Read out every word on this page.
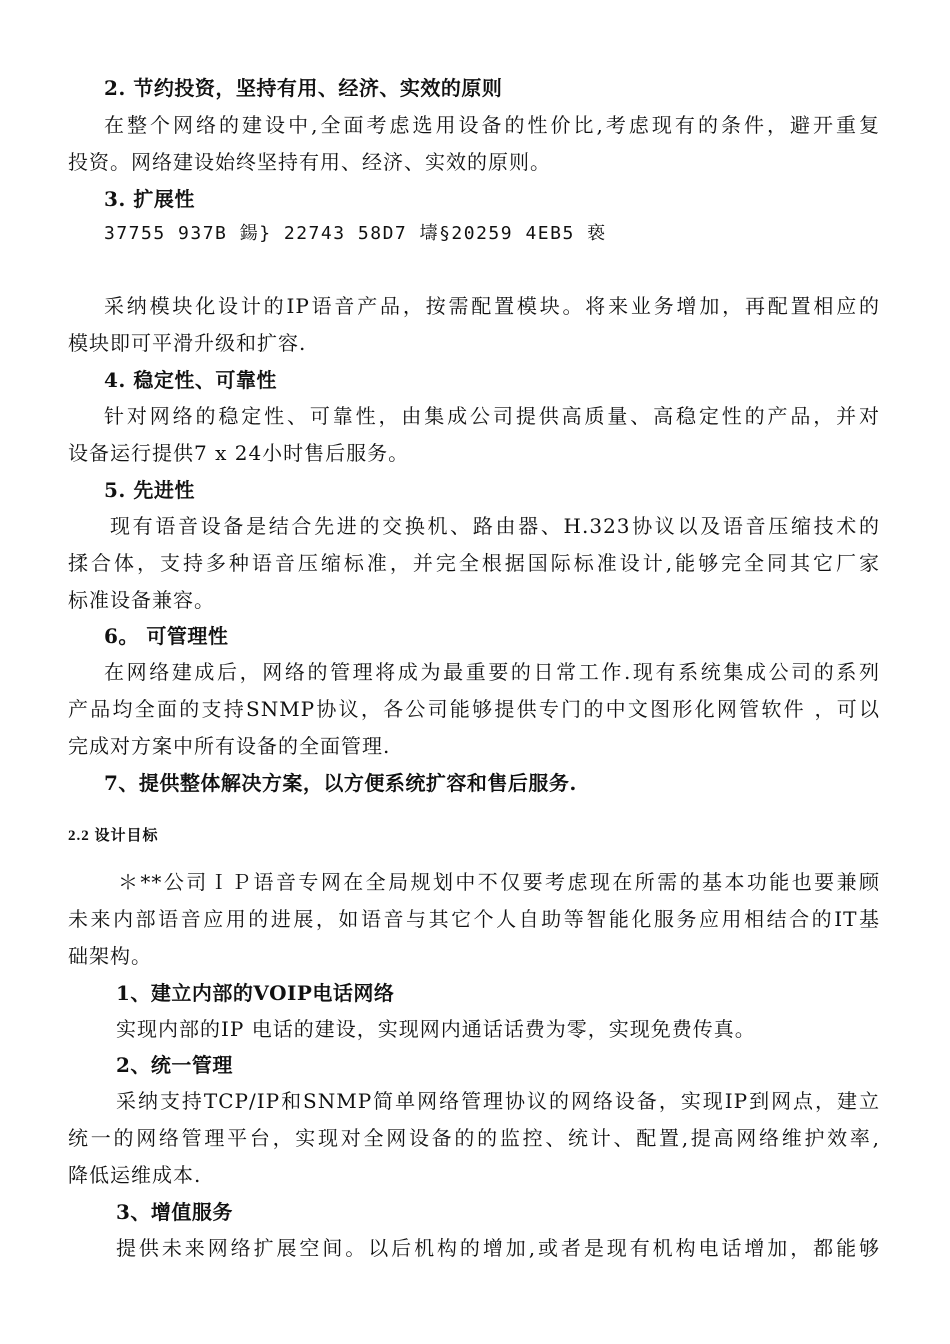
2. 节约投资，坚持有用、经济、实效的原则
在整个网络的建设中,全面考虑选用设备的性价比,考虑现有的条件，避开重复
投资。网络建设始终坚持有用、经济、实效的原则。
3. 扩展性
37755 937B 鍚} 22743 58D7 壔§20259 4EB5 亵
采纳模块化设计的IP语音产品，按需配置模块。将来业务增加，再配置相应的
模块即可平滑升级和扩容.
4. 稳定性、可靠性
针对网络的稳定性、可靠性，由集成公司提供高质量、高稳定性的产品，并对
设备运行提供7 x 24小时售后服务。
5. 先进性
现有语音设备是结合先进的交换机、路由器、H.323协议以及语音压缩技术的
揉合体，支持多种语音压缩标准，并完全根据国际标准设计,能够完全同其它厂家
标准设备兼容。
6。 可管理性
在网络建成后，网络的管理将成为最重要的日常工作.现有系统集成公司的系列
产品均全面的支持SNMP协议，各公司能够提供专门的中文图形化网管软件 ，可以
完成对方案中所有设备的全面管理.
7、提供整体解决方案，以方便系统扩容和售后服务.
2.2 设计目标
＊**公司ＩＰ语音专网在全局规划中不仅要考虑现在所需的基本功能也要兼顾
未来内部语音应用的进展，如语音与其它个人自助等智能化服务应用相结合的IT基
础架构。
1、建立内部的VOIP电话网络
实现内部的IP 电话的建设，实现网内通话话费为零，实现免费传真。
2、统一管理
采纳支持TCP/IP和SNMP简单网络管理协议的网络设备，实现IP到网点，建立
统一的网络管理平台，实现对全网设备的的监控、统计、配置,提高网络维护效率,
降低运维成本.
3、增值服务
提供未来网络扩展空间。以后机构的增加,或者是现有机构电话增加，都能够
